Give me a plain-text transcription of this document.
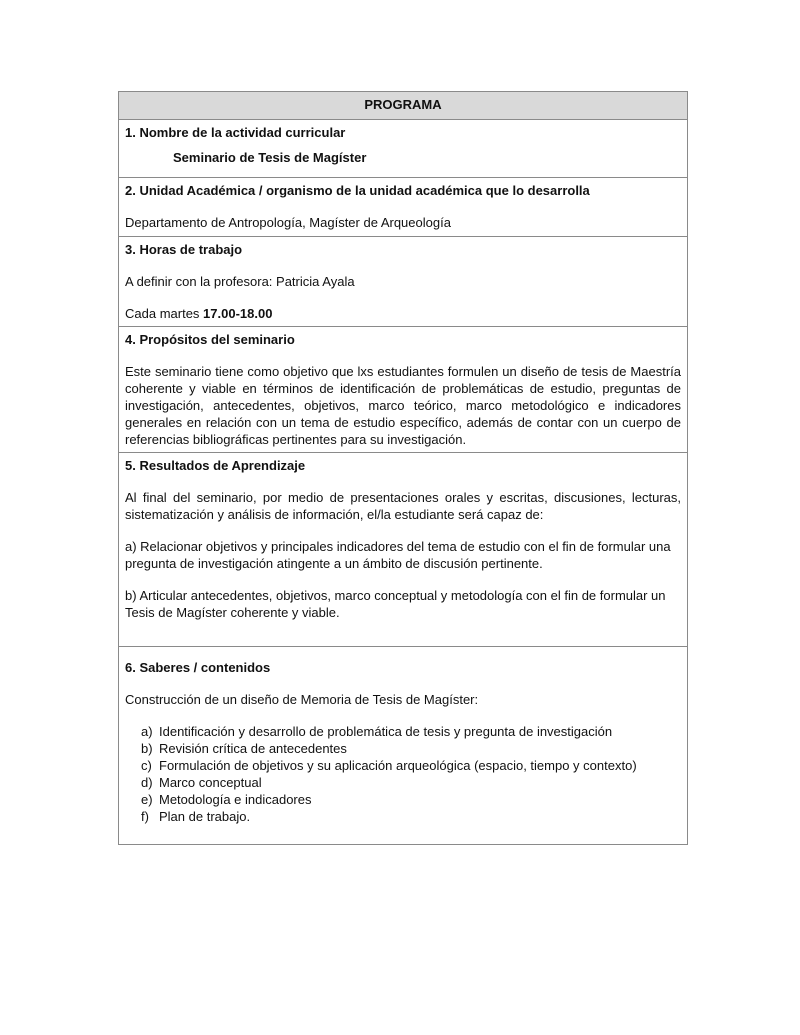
PROGRAMA

1. Nombre de la actividad curricular

Seminario de Tesis de Magíster

2. Unidad Académica / organismo de la unidad académica que lo desarrolla

Departamento de Antropología, Magíster de Arqueología

3. Horas de trabajo

A definir con la profesora: Patricia Ayala

Cada martes 17.00-18.00

4. Propósitos del seminario

Este seminario tiene como objetivo que lxs estudiantes formulen un diseño de tesis de Maestría coherente y viable en términos de identificación de problemáticas de estudio, preguntas de investigación, antecedentes, objetivos, marco teórico, marco metodológico e indicadores generales en relación con un tema de estudio específico, además de contar con un cuerpo de referencias bibliográficas pertinentes para su investigación.

5. Resultados de Aprendizaje

Al final del seminario, por medio de presentaciones orales y escritas, discusiones, lecturas, sistematización y análisis de información, el/la estudiante será capaz de:

a) Relacionar objetivos y principales indicadores del tema de estudio con el fin de formular una pregunta de investigación atingente a un ámbito de discusión pertinente.

b) Articular antecedentes, objetivos, marco conceptual y metodología con el fin de formular un Tesis de Magíster coherente y viable.

6. Saberes / contenidos

Construcción de un diseño de Memoria de Tesis de Magíster:

a) Identificación y desarrollo de problemática de tesis y pregunta de investigación
b) Revisión crítica de antecedentes
c) Formulación de objetivos y su aplicación arqueológica (espacio, tiempo y contexto)
d) Marco conceptual
e) Metodología e indicadores
f) Plan de trabajo.
